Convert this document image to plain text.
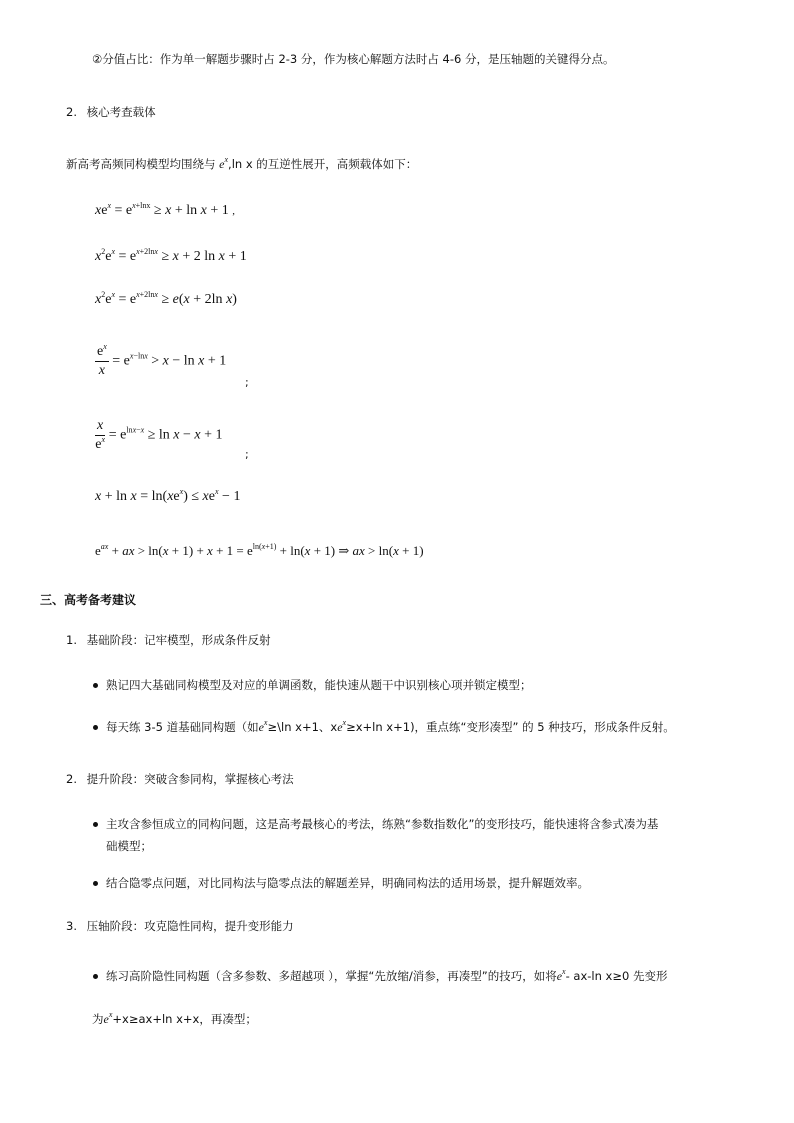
②分值占比：作为单一解题步骤时占 2-3 分，作为核心解题方法时占 4-6 分，是压轴题的关键得分点。
2. 核心考查载体
新高考高频同构模型均围绕与 $e^x,\ln$ x 的互逆性展开，高频载体如下：
$xe^x = e^{x+lnx} \ge x + \ln x + 1$ ,
$x^2e^x = e^{x+2lnx} \ge x + 2$ ln x + 1
$x^2e^x = e^{x+2lnx} \ge e(x + 2\ln$ x)
$\frac{e^x}{x} = e^{x-lnx} > x - \ln x + 1$
;
$\frac{x}{e^x} = e^{lnx-x} \ge \ln x - x + 1$
;
$x + \ln x = \ln(xe^x) \le xe^x - 1$
$e^{ax}$ + ax > $\ln(x + 1) + x + 1 = e^{ln(x+1)} + \ln(x + 1)$ ⇒ ax > ln(x + 1)
三、高考备考建议
1. 基础阶段：记牢模型，形成条件反射
熟记四大基础同构模型及对应的单调函数，能快速从题干中识别核心项并锁定模型；
每天练 3-5 道基础同构题（如$e^x\ge\backslash\ln$ x+1、$xe^x\ge x+\ln$ x+1)，重点练“变形凑型” 的 5 种技巧，形成条件反射。
2. 提升阶段：突破含参同构，掌握核心考法
主攻含参恒成立的同构问题，这是高考最核心的考法，练熟“参数指数化”的变形技巧，能快速将含参式凑为基
础模型；
结合隐零点问题，对比同构法与隐零点法的解题差异，明确同构法的适用场景，提升解题效率。
3. 压轴阶段：攻克隐性同构，提升变形能力
练习高阶隐性同构题（含多参数、多超越项 ），掌握“先放缩/消参，再凑型”的技巧，如将$e^x-$ ax-ln x≥0 先变形
为$e^x+x\ge ax+\ln$ x+x，再凑型；
